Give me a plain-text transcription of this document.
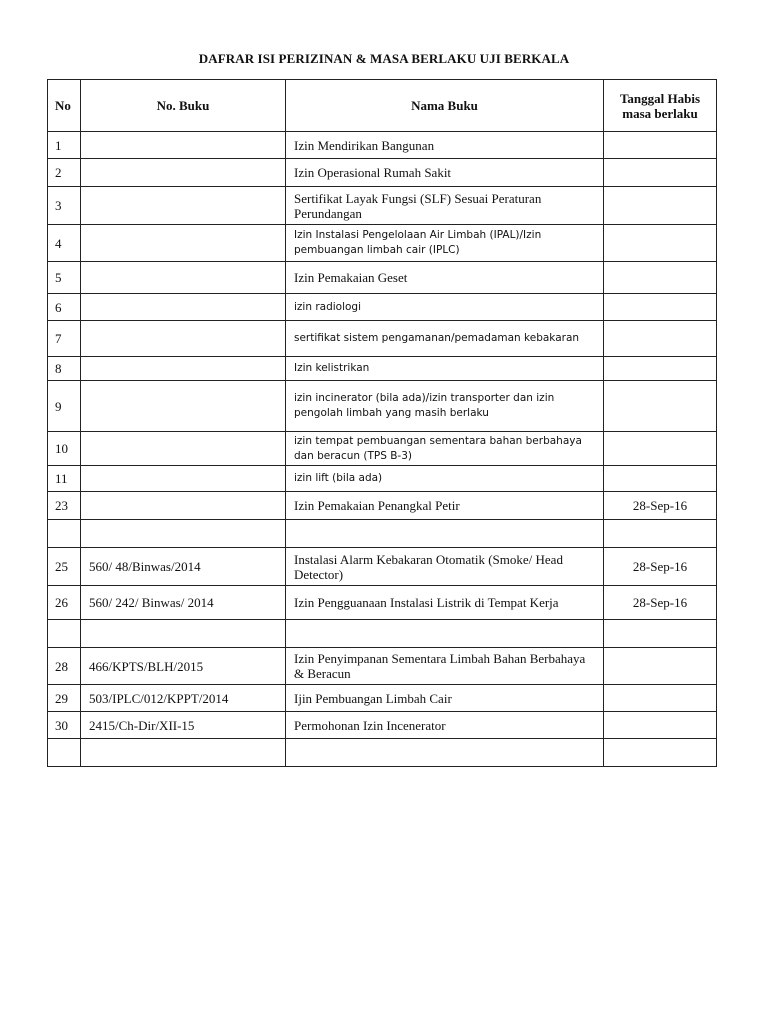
DAFRAR ISI PERIZINAN & MASA BERLAKU UJI BERKALA
No	No. Buku	Nama Buku	Tanggal Habis masa berlaku
1		Izin Mendirikan Bangunan	
2		Izin Operasional Rumah Sakit	
3		Sertifikat Layak Fungsi (SLF) Sesuai Peraturan Perundangan	
4		Izin Instalasi Pengelolaan Air Limbah (IPAL)/Izin pembuangan limbah cair (IPLC)	
5		Izin Pemakaian Geset	
6		izin radiologi	
7		sertifikat sistem pengamanan/pemadaman kebakaran	
8		Izin kelistrikan	
9		izin incinerator (bila ada)/izin transporter dan izin pengolah limbah yang masih berlaku	
10		izin tempat pembuangan sementara bahan berbahaya dan beracun (TPS B-3)	
11		izin lift (bila ada)	
23		Izin Pemakaian Penangkal Petir	28-Sep-16

25	560/ 48/Binwas/2014	Instalasi Alarm Kebakaran Otomatik (Smoke/ Head Detector)	28-Sep-16
26	560/ 242/ Binwas/ 2014	Izin Pengguanaan Instalasi Listrik di Tempat Kerja	28-Sep-16

28	466/KPTS/BLH/2015	Izin Penyimpanan Sementara Limbah Bahan Berbahaya & Beracun	
29	503/IPLC/012/KPPT/2014	Ijin Pembuangan Limbah Cair	
30	2415/Ch-Dir/XII-15	Permohonan Izin Incenerator	
